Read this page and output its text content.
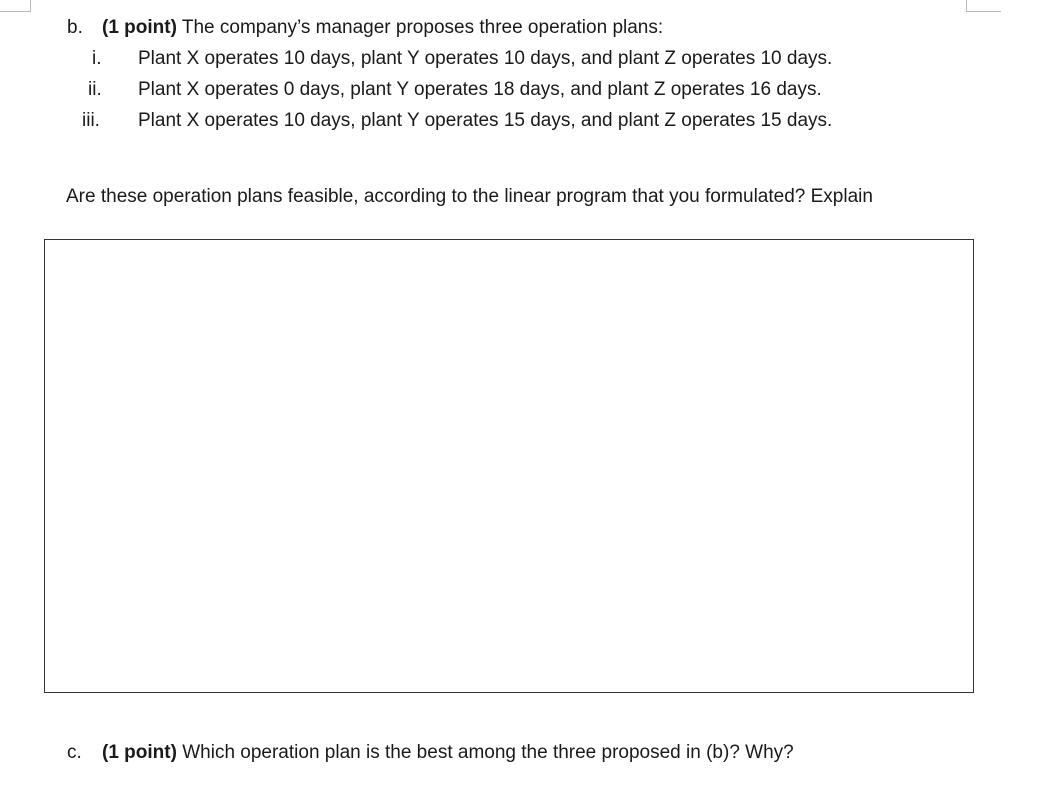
b. (1 point) The company’s manager proposes three operation plans:
i. Plant X operates 10 days, plant Y operates 10 days, and plant Z operates 10 days.
ii. Plant X operates 0 days, plant Y operates 18 days, and plant Z operates 16 days.
iii. Plant X operates 10 days, plant Y operates 15 days, and plant Z operates 15 days.
Are these operation plans feasible, according to the linear program that you formulated? Explain
c. (1 point) Which operation plan is the best among the three proposed in (b)? Why?
